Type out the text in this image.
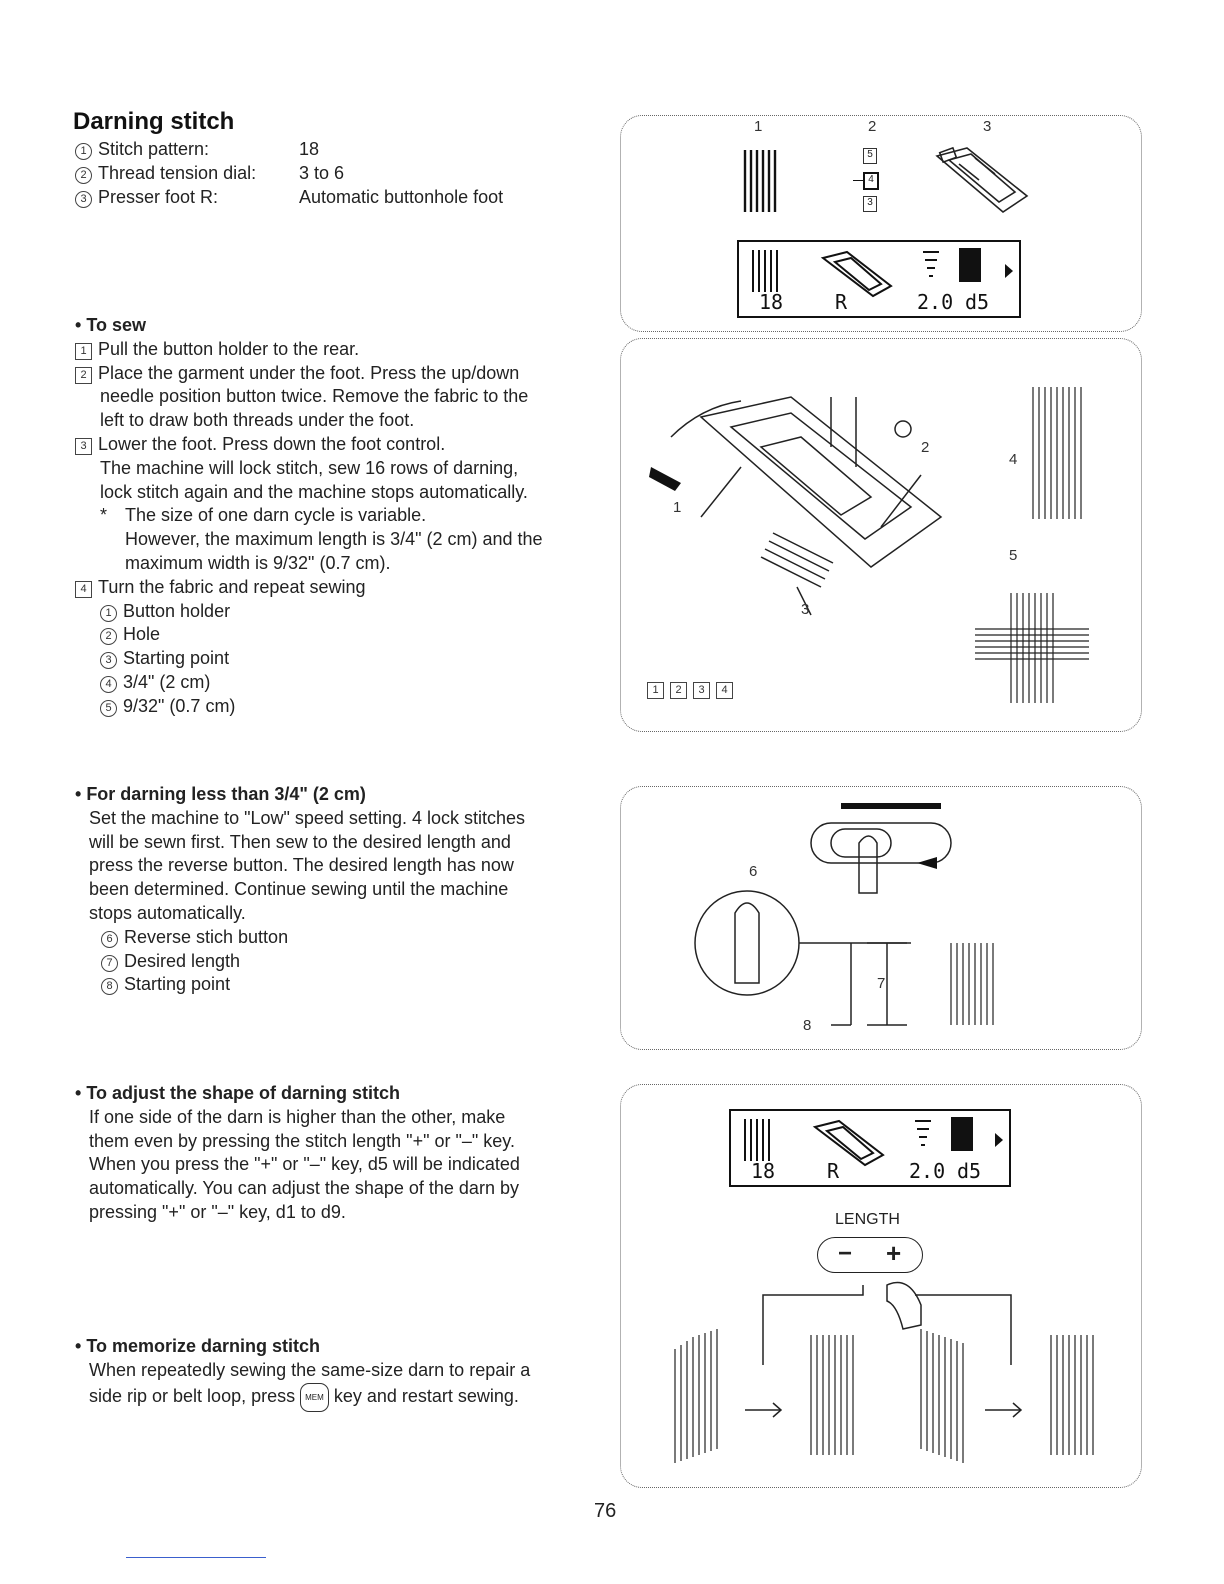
Darning stitch
1 Stitch pattern:	18
2 Thread tension dial: 3 to 6
3 Presser foot R:	Automatic buttonhole foot
• To sew
1 Pull the button holder to the rear.
2 Place the garment under the foot. Press the up/down
needle position button twice. Remove the fabric to the
left to draw both threads under the foot.
3 Lower the foot. Press down the foot control.
The machine will lock stitch, sew 16 rows of darning,
lock stitch again and the machine stops automatically.
* The size of one darn cycle is variable.
However, the maximum length is 3/4" (2 cm) and the
maximum width is 9/32" (0.7 cm).
4 Turn the fabric and repeat sewing
1 Button holder
2 Hole
3 Starting point
4 3/4" (2 cm)
5 9/32" (0.7 cm)
• For darning less than 3/4" (2 cm)
Set the machine to "Low" speed setting. 4 lock stitches
will be sewn first. Then sew to the desired length and
press the reverse button. The desired length has now
been determined. Continue sewing until the machine
stops automatically.
6 Reverse stich button
7 Desired length
8 Starting point
• To adjust the shape of darning stitch
If one side of the darn is higher than the other, make
them even by pressing the stitch length "+" or "–" key.
When you press the "+" or "–" key, d5 will be indicated
automatically. You can adjust the shape of the darn by
pressing "+" or "–" key, d1 to d9.
• To memorize darning stitch
When repeatedly sewing the same-size darn to repair a
side rip or belt loop, press MEM key and restart sewing.
1	2	3
5
4
3
18	R	2.0 d5
1
2
3
4
5
1 2 3 4
6
7
8
18	R	2.0 d5
LENGTH
− +
76
